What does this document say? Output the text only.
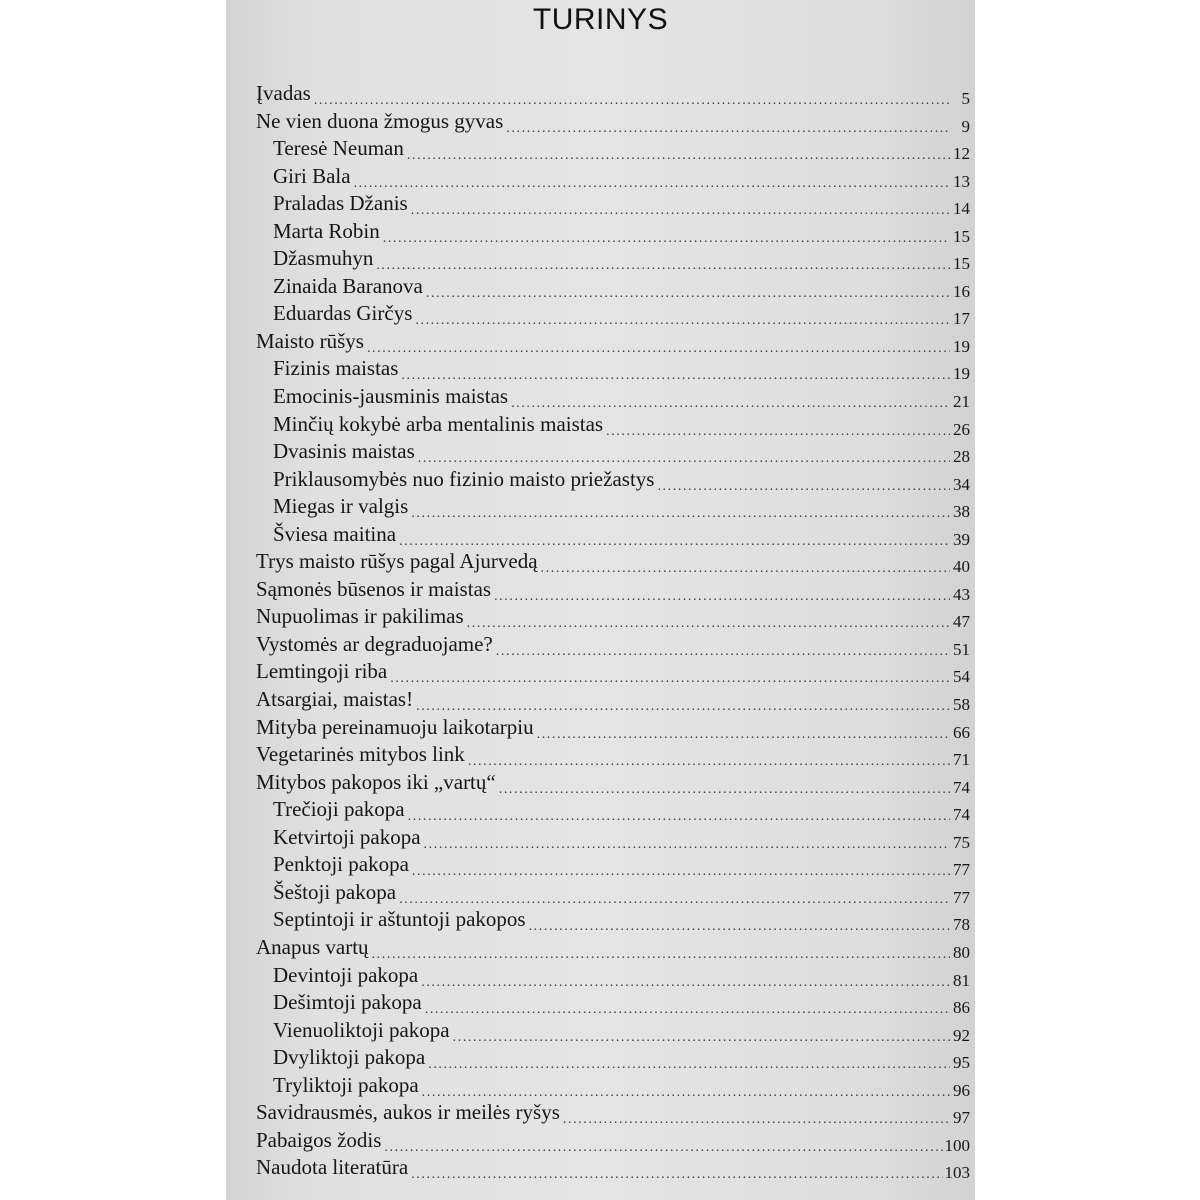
TURINYS
Įvadas .....	5
Ne vien duona žmogus gyvas .....	9
Teresė Neuman .....	12
Giri Bala .....	13
Praladas Džanis .....	14
Marta Robin .....	15
Džasmuhyn .....	15
Zinaida Baranova .....	16
Eduardas Girčys .....	17
Maisto rūšys .....	19
Fizinis maistas .....	19
Emocinis-jausminis maistas .....	21
Minčių kokybė arba mentalinis maistas .....	26
Dvasinis maistas .....	28
Priklausomybės nuo fizinio maisto priežastys .....	34
Miegas ir valgis .....	38
Šviesa maitina .....	39
Trys maisto rūšys pagal Ajurvedą .....	40
Sąmonės būsenos ir maistas .....	43
Nupuolimas ir pakilimas .....	47
Vystomės ar degraduojame? .....	51
Lemtingoji riba .....	54
Atsargiai, maistas! .....	58
Mityba pereinamuoju laikotarpiu .....	66
Vegetarinės mitybos link .....	71
Mitybos pakopos iki „vartų“ .....	74
Trečioji pakopa .....	74
Ketvirtoji pakopa .....	75
Penktoji pakopa .....	77
Šeštoji pakopa .....	77
Septintoji ir aštuntoji pakopos .....	78
Anapus vartų .....	80
Devintoji pakopa .....	81
Dešimtoji pakopa .....	86
Vienuoliktoji pakopa .....	92
Dvyliktoji pakopa .....	95
Tryliktoji pakopa .....	96
Savidrausmės, aukos ir meilės ryšys .....	97
Pabaigos žodis .....	100
Naudota literatūra .....	103
